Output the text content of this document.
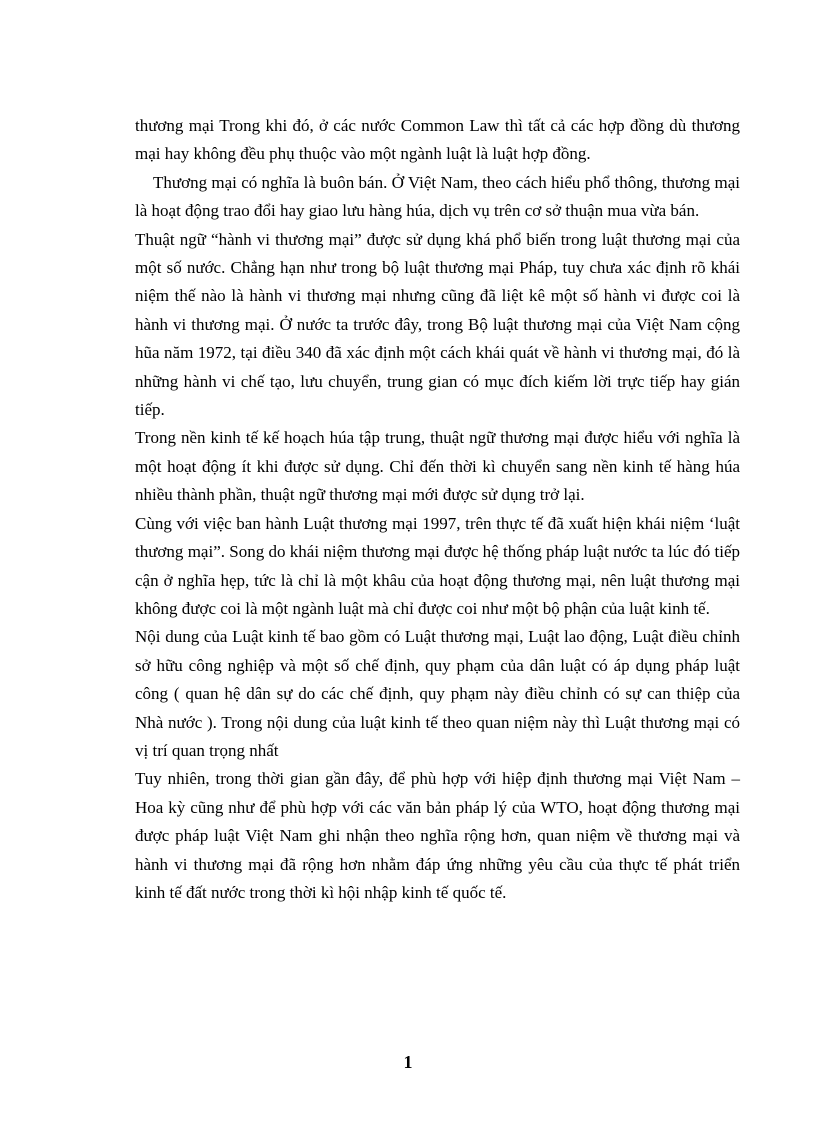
thương mại Trong khi đó, ở các nước Common Law thì tất cả các hợp đồng dù thương mại hay không đều phụ thuộc vào một ngành luật là luật hợp đồng.

Thương mại có nghĩa là buôn bán. Ở Việt Nam, theo cách hiểu phổ thông, thương mại là hoạt động trao đổi hay giao lưu hàng húa, dịch vụ trên cơ sở thuận mua vừa bán.

Thuật ngữ “hành vi thương mại” được sử dụng khá phổ biến trong luật thương mại của một số nước. Chẳng hạn như trong bộ luật thương mại Pháp, tuy chưa xác định rõ khái niệm thế nào là hành vi thương mại nhưng cũng đã liệt kê một số hành vi được coi là hành vi thương mại. Ở nước ta trước đây, trong Bộ luật thương mại của Việt Nam cộng hũa năm 1972, tại điều 340 đã xác định một cách khái quát về hành vi thương mại, đó là những hành vi chế tạo, lưu chuyển, trung gian có mục đích kiếm lời trực tiếp hay gián tiếp.

Trong nền kinh tế kế hoạch húa tập trung, thuật ngữ thương mại được hiểu với nghĩa là một hoạt động ít khi được sử dụng. Chỉ đến thời kì chuyển sang nền kinh tế hàng húa nhiều thành phần, thuật ngữ thương mại mới được sử dụng trở lại.

Cùng với việc ban hành Luật thương mại 1997, trên thực tế đã xuất hiện khái niệm ‘luật thương mại”. Song do khái niệm thương mại được hệ thống pháp luật nước ta lúc đó tiếp cận ở nghĩa hẹp, tức là chỉ là một khâu của hoạt động thương mại, nên luật thương mại không được coi là một ngành luật mà chỉ được coi như một bộ phận của luật kinh tế.

Nội dung của Luật kinh tế bao gồm có Luật thương mại, Luật lao động, Luật điều chỉnh sở hữu công nghiệp và một số chế định, quy phạm của dân luật có áp dụng pháp luật công ( quan hệ dân sự do các chế định, quy phạm này điều chỉnh có sự can thiệp của Nhà nước ). Trong nội dung của luật kinh tế theo quan niệm này thì Luật thương mại có vị trí quan trọng nhất

Tuy nhiên, trong thời gian gần đây, để phù hợp với hiệp định thương mại Việt Nam – Hoa kỳ cũng như để phù hợp với các văn bản pháp lý của WTO, hoạt động thương mại được pháp luật Việt Nam ghi nhận theo nghĩa rộng hơn, quan niệm về thương mại và hành vi thương mại đã rộng hơn nhằm đáp ứng những yêu cầu của thực tế phát triển kinh tế đất nước trong thời kì hội nhập kinh tế quốc tế.

1
